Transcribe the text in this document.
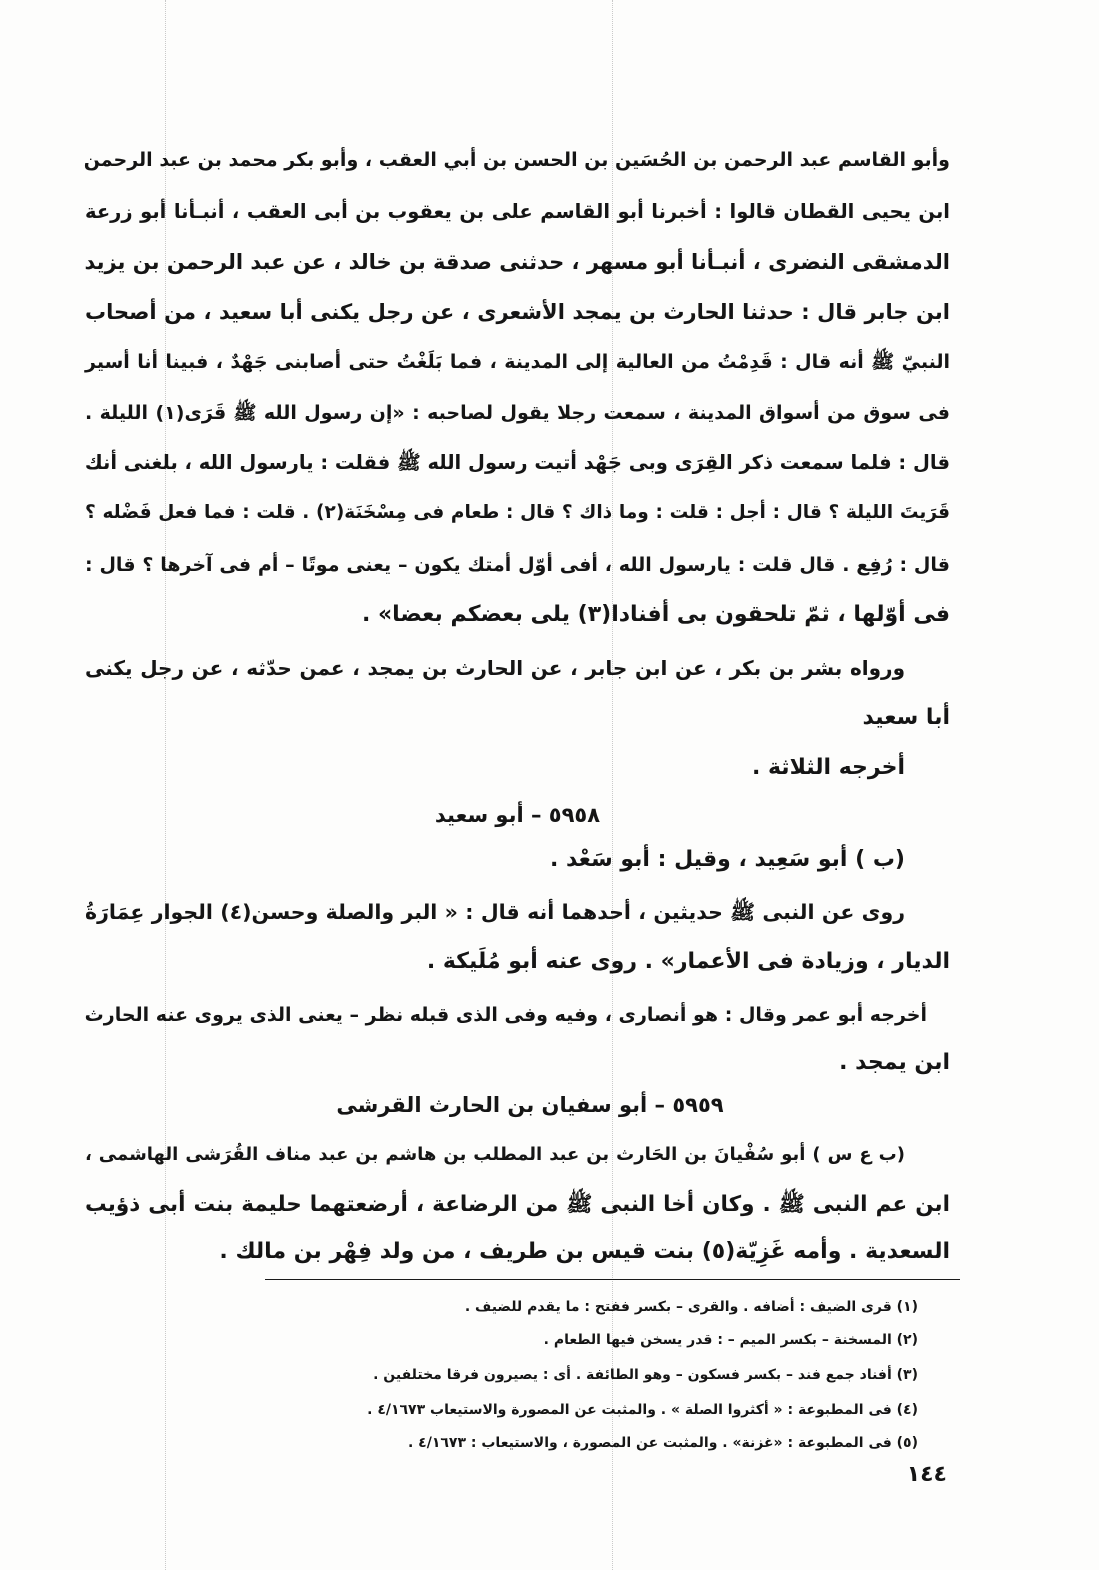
وأبو القاسم عبد الرحمن بن الحُسَين بن الحسن بن أبي العقب ، وأبو بكر محمد بن عبد الرحمن
ابن يحيى القطان قالوا : أخبرنا أبو القاسم على بن يعقوب بن أبى العقب ، أنبـأنا أبو زرعة
الدمشقى النضرى ، أنبـأنا أبو مسهر ، حدثنى صدقة بن خالد ، عن عبد الرحمن بن يزيد
ابن جابر قال : حدثنا الحارث بن يمجد الأشعرى ، عن رجل يكنى أبا سعيد ، من أصحاب
النبيّ ﷺ أنه قال : قَدِمْتُ من العالية إلى المدينة ، فما بَلَغْتُ حتى أصابنى جَهْدٌ ، فبينا أنا أسير
فى سوق من أسواق المدينة ، سمعت رجلا يقول لصاحبه : «إن رسول الله ﷺ قَرَى(١) الليلة .
قال : فلما سمعت ذكر القِرَى وبى جَهْد أتيت رسول الله ﷺ فقلت : يارسول الله ، بلغنى أنك
قَرَيتَ الليلة ؟ قال : أجل : قلت : وما ذاك ؟ قال : طعام فى مِسْخَنَة(٢) . قلت : فما فعل فَضْله ؟
قال : رُفِع . قال قلت : يارسول الله ، أفى أوّل أمتك يكون – يعنى موتًا – أم فى آخرها ؟ قال :
فى أوّلها ، ثمّ تلحقون بى أفنادا(٣) يلى بعضكم بعضا» .
ورواه بشر بن بكر ، عن ابن جابر ، عن الحارث بن يمجد ، عمن حدّثه ، عن رجل يكنى
أبا سعيد
أخرجه الثلاثة .
٥٩٥٨ – أبو سعيد
(ب ) أبو سَعِيد ، وقيل : أبو سَعْد .
روى عن النبى ﷺ حديثين ، أحدهما أنه قال : « البر والصلة وحسن(٤) الجوار عِمَارَةُ
الديار ، وزيادة فى الأعمار» . روى عنه أبو مُلَيكة .
أخرجه أبو عمر وقال : هو أنصارى ، وفيه وفى الذى قبله نظر – يعنى الذى يروى عنه الحارث
ابن يمجد .
٥٩٥٩ – أبو سفيان بن الحارث القرشى
(ب ع س ) أبو سُفْيانَ بن الحَارث بن عبد المطلب بن هاشم بن عبد مناف القُرَشى الهاشمى ،
ابن عم النبى ﷺ . وكان أخا النبى ﷺ من الرضاعة ، أرضعتهما حليمة بنت أبى ذؤيب
السعدية . وأمه غَزِيّة(٥) بنت قيس بن طريف ، من ولد فِهْر بن مالك .
(١) قرى الضيف : أضافه . والقرى – بكسر ففتح : ما يقدم للضيف .
(٢) المسخنة – بكسر الميم – : قدر يسخن فيها الطعام .
(٣) أفناد جمع فند – بكسر فسكون – وهو الطائفة . أى : يصيرون فرقا مختلفين .
(٤) فى المطبوعة : « أكثروا الصلة » . والمثبت عن المصورة والاستيعاب ٤/١٦٧٣ .
(٥) فى المطبوعة : «غزنة» . والمثبت عن المصورة ، والاستيعاب : ٤/١٦٧٣ .
١٤٤
